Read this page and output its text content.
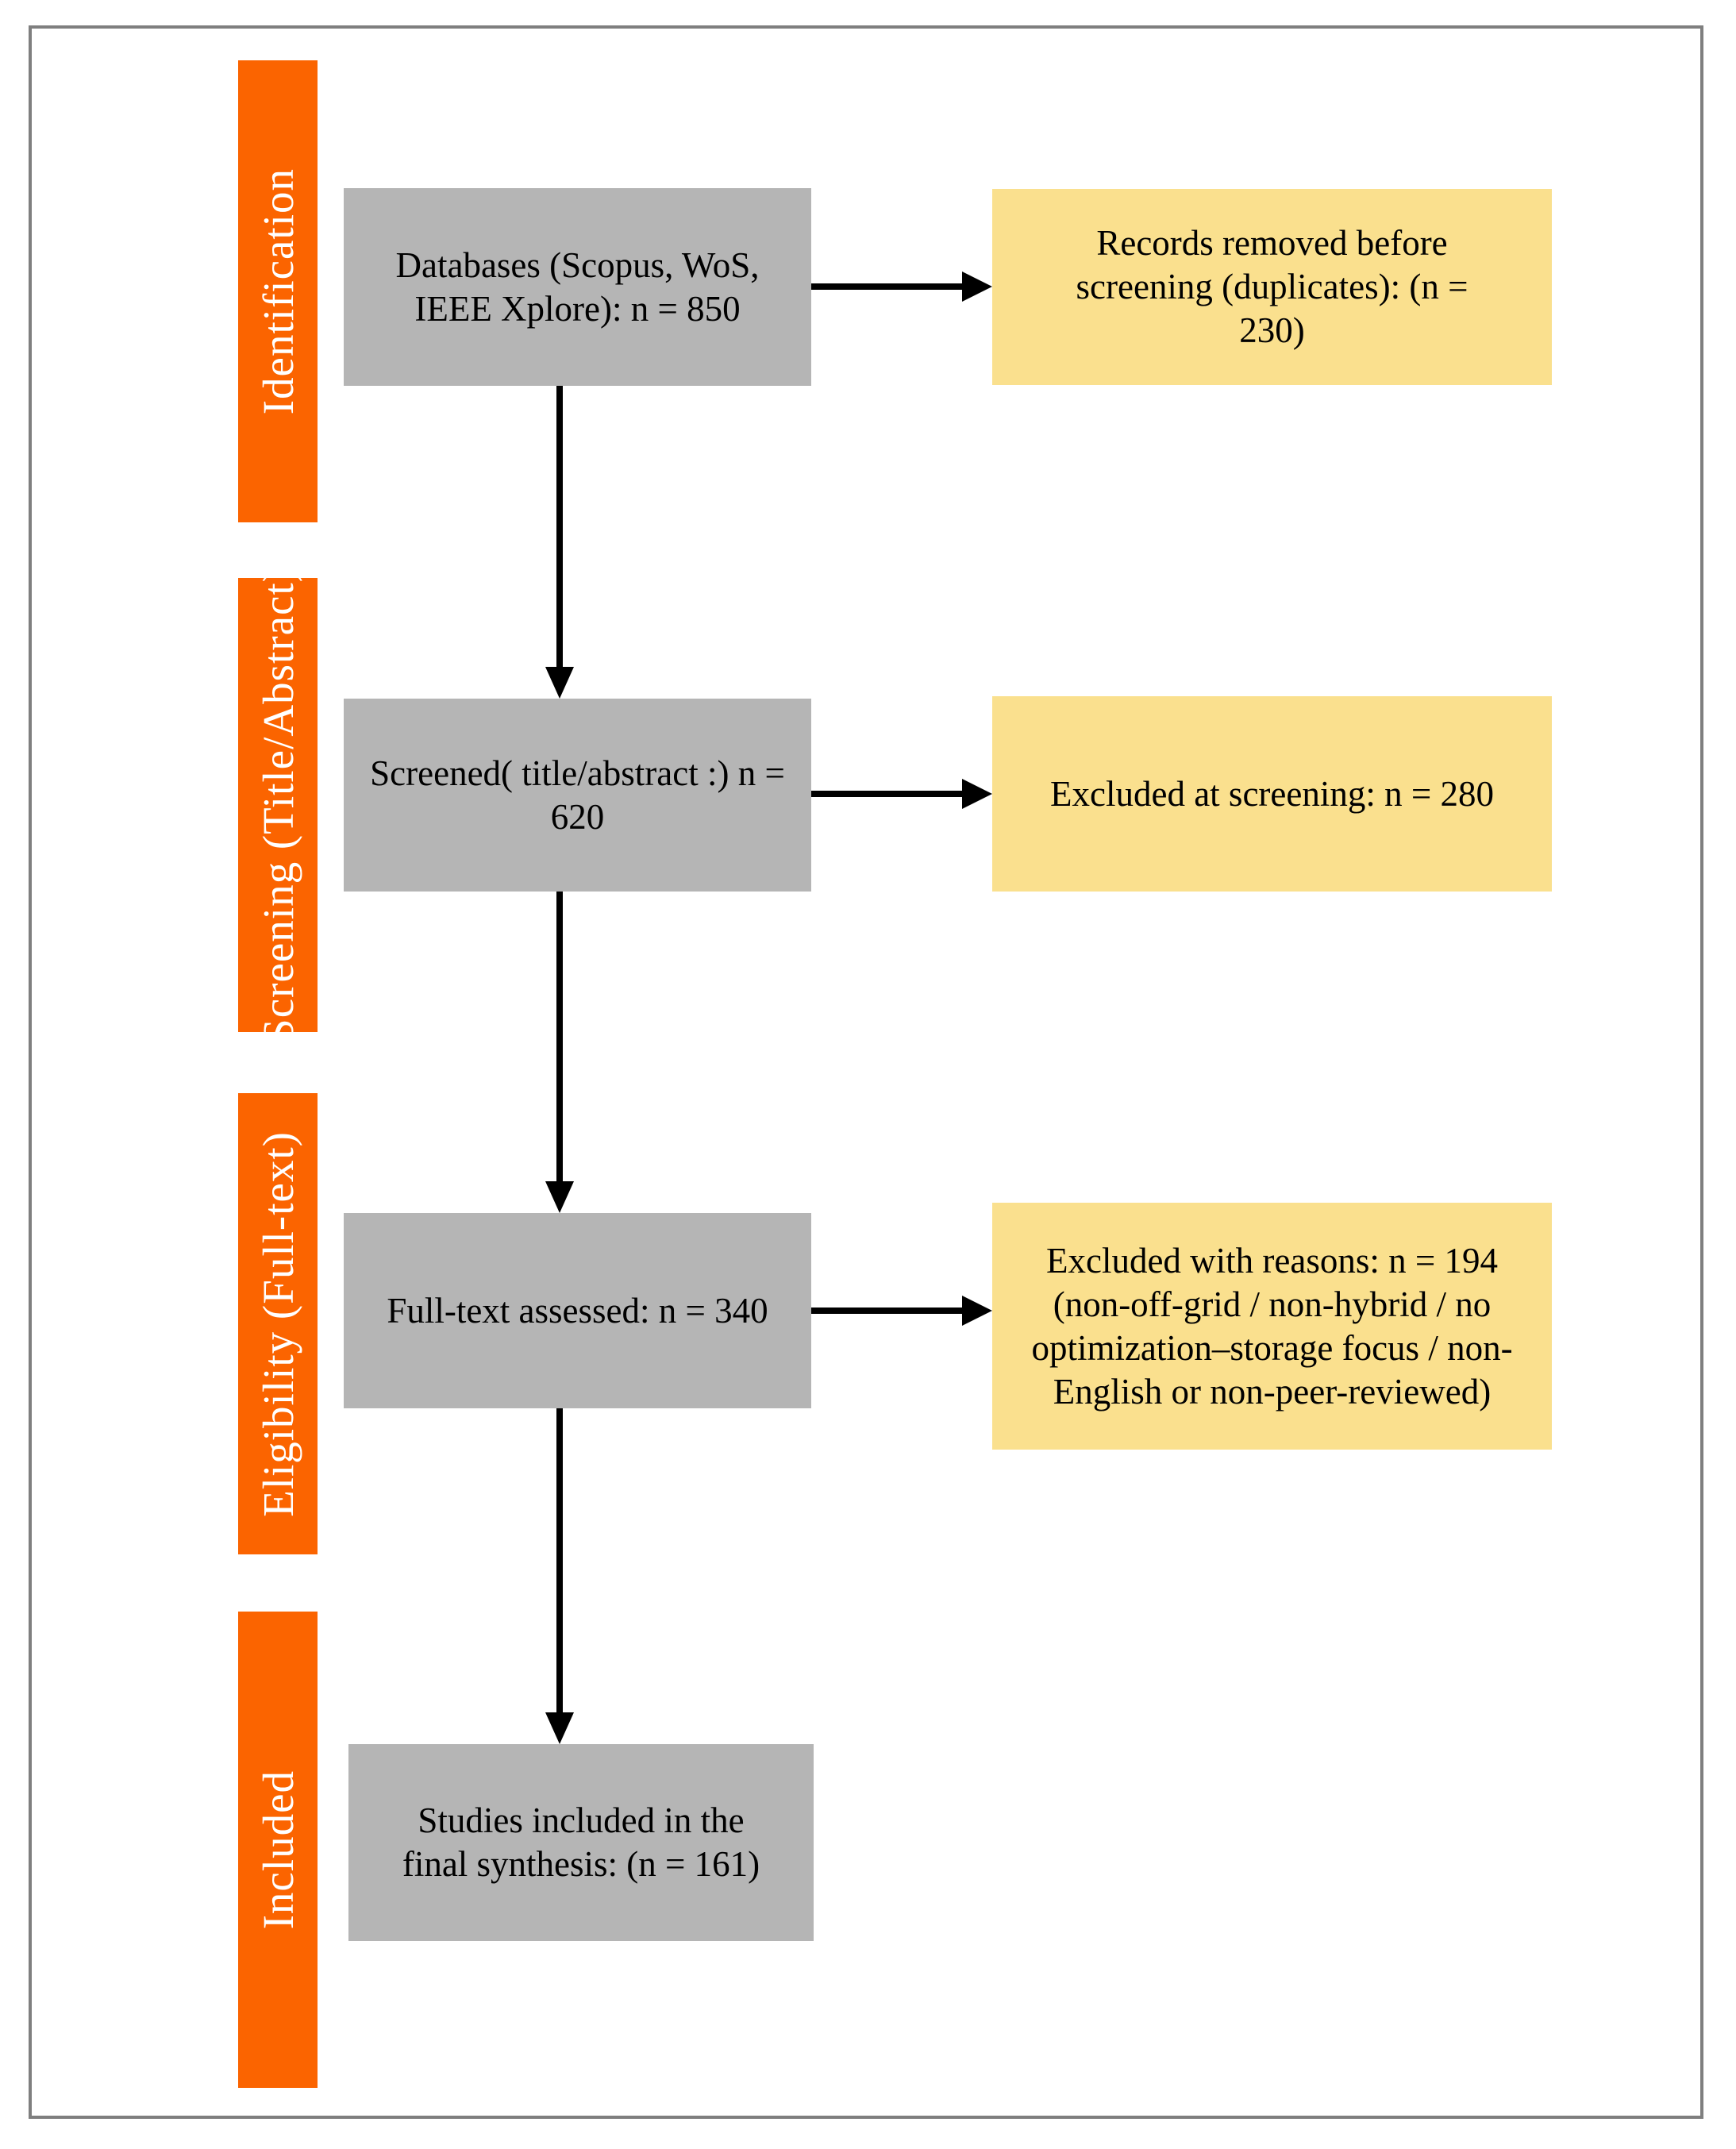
Identification
Screening (Title/Abstract)
Eligibility (Full-text)
Included
Databases (Scopus, WoS, IEEE Xplore): n = 850
Screened( title/abstract :) n = 620
Full-text assessed: n = 340
Studies included in the final synthesis: (n = 161)
Records removed before screening (duplicates): (n = 230)
Excluded at screening: n = 280
Excluded with reasons: n = 194 (non-off-grid / non-hybrid / no optimization–storage focus / non-English or non-peer-reviewed)
